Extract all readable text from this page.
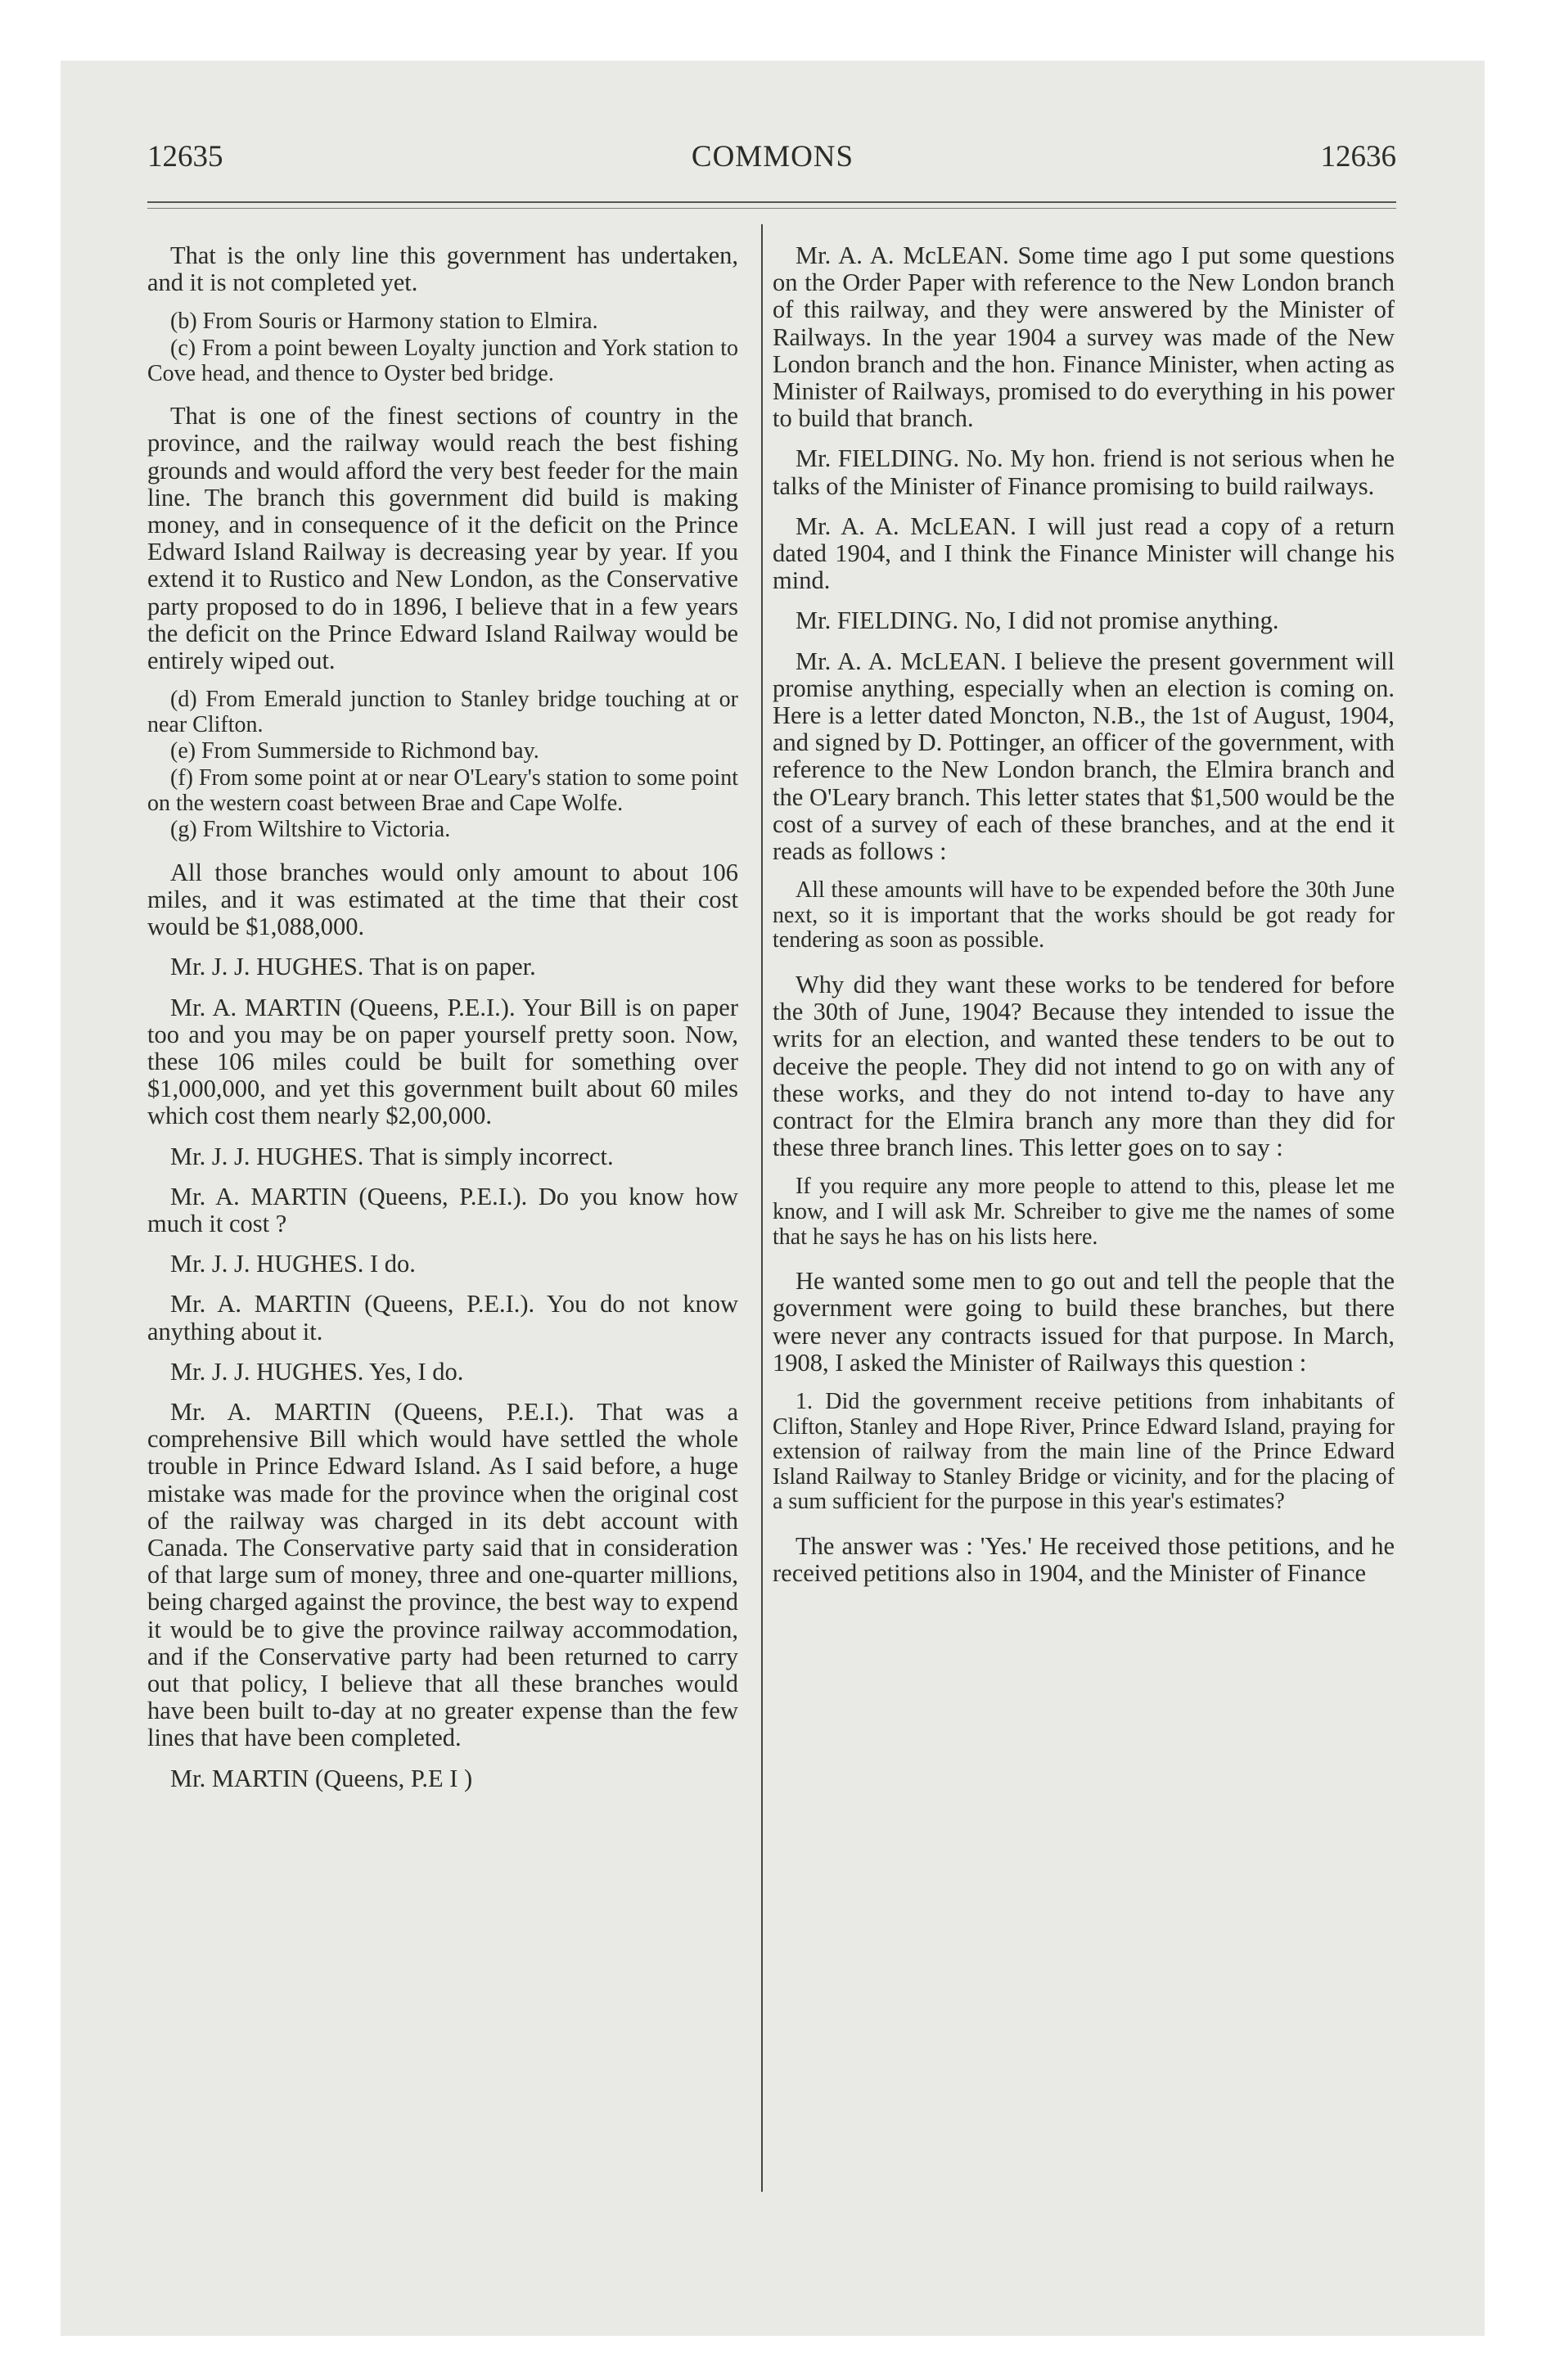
12635	COMMONS	12636

That is the only line this government has undertaken, and it is not completed yet.

(b) From Souris or Harmony station to Elmira.

(c) From a point beween Loyalty junction and York station to Cove head, and thence to Oyster bed bridge.

That is one of the finest sections of country in the province, and the railway would reach the best fishing grounds and would afford the very best feeder for the main line. The branch this government did build is making money, and in consequence of it the deficit on the Prince Edward Island Railway is decreasing year by year. If you extend it to Rustico and New London, as the Conservative party proposed to do in 1896, I believe that in a few years the deficit on the Prince Edward Island Railway would be entirely wiped out.

(d) From Emerald junction to Stanley bridge touching at or near Clifton.

(e) From Summerside to Richmond bay.

(f) From some point at or near O'Leary's station to some point on the western coast between Brae and Cape Wolfe.

(g) From Wiltshire to Victoria.

All those branches would only amount to about 106 miles, and it was estimated at the time that their cost would be $1,088,000.

Mr. J. J. HUGHES. That is on paper.

Mr. A. MARTIN (Queens, P.E.I.). Your Bill is on paper too and you may be on paper yourself pretty soon. Now, these 106 miles could be built for something over $1,000,000, and yet this government built about 60 miles which cost them nearly $2,00,000.

Mr. J. J. HUGHES. That is simply incorrect.

Mr. A. MARTIN (Queens, P.E.I.). Do you know how much it cost ?

Mr. J. J. HUGHES. I do.

Mr. A. MARTIN (Queens, P.E.I.). You do not know anything about it.

Mr. J. J. HUGHES. Yes, I do.

Mr. A. MARTIN (Queens, P.E.I.). That was a comprehensive Bill which would have settled the whole trouble in Prince Edward Island. As I said before, a huge mistake was made for the province when the original cost of the railway was charged in its debt account with Canada. The Conservative party said that in consideration of that large sum of money, three and one-quarter millions, being charged against the province, the best way to expend it would be to give the province railway accommodation, and if the Conservative party had been returned to carry out that policy, I believe that all these branches would have been built to-day at no greater expense than the few lines that have been completed.

Mr. MARTIN (Queens, P.E I )

Mr. A. A. McLEAN. Some time ago I put some questions on the Order Paper with reference to the New London branch of this railway, and they were answered by the Minister of Railways. In the year 1904 a survey was made of the New London branch and the hon. Finance Minister, when acting as Minister of Railways, promised to do everything in his power to build that branch.

Mr. FIELDING. No. My hon. friend is not serious when he talks of the Minister of Finance promising to build railways.

Mr. A. A. McLEAN. I will just read a copy of a return dated 1904, and I think the Finance Minister will change his mind.

Mr. FIELDING. No, I did not promise anything.

Mr. A. A. McLEAN. I believe the present government will promise anything, especially when an election is coming on. Here is a letter dated Moncton, N.B., the 1st of August, 1904, and signed by D. Pottinger, an officer of the government, with reference to the New London branch, the Elmira branch and the O'Leary branch. This letter states that $1,500 would be the cost of a survey of each of these branches, and at the end it reads as follows :

All these amounts will have to be expended before the 30th June next, so it is important that the works should be got ready for tendering as soon as possible.

Why did they want these works to be tendered for before the 30th of June, 1904? Because they intended to issue the writs for an election, and wanted these tenders to be out to deceive the people. They did not intend to go on with any of these works, and they do not intend to-day to have any contract for the Elmira branch any more than they did for these three branch lines. This letter goes on to say :

If you require any more people to attend to this, please let me know, and I will ask Mr. Schreiber to give me the names of some that he says he has on his lists here.

He wanted some men to go out and tell the people that the government were going to build these branches, but there were never any contracts issued for that purpose. In March, 1908, I asked the Minister of Railways this question :

1. Did the government receive petitions from inhabitants of Clifton, Stanley and Hope River, Prince Edward Island, praying for extension of railway from the main line of the Prince Edward Island Railway to Stanley Bridge or vicinity, and for the placing of a sum sufficient for the purpose in this year's estimates?

The answer was : 'Yes.' He received those petitions, and he received petitions also in 1904, and the Minister of Finance
